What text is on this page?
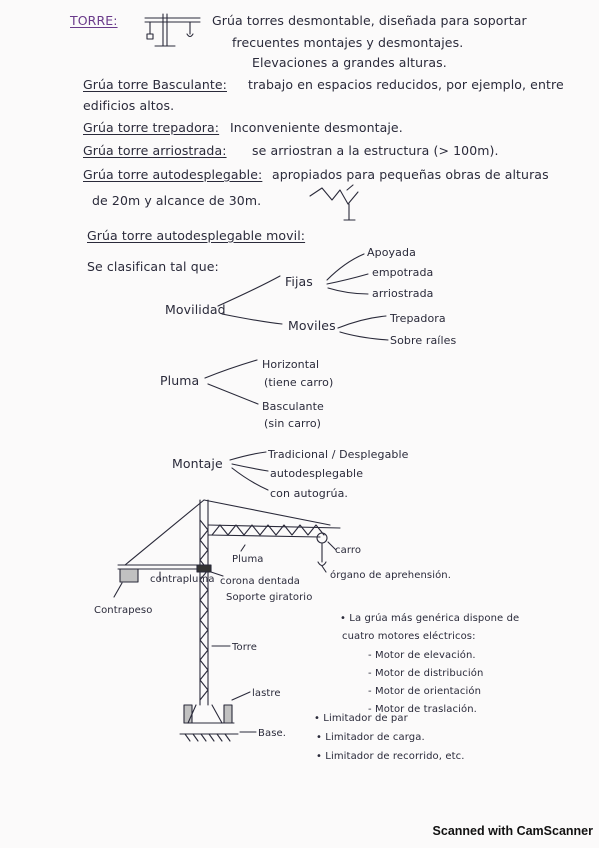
TORRE:	Grúa torres desmontable, diseñada para soportar
frecuentes montajes y desmontajes.
Elevaciones a grandes alturas.
Grúa torre Basculante: trabajo en espacios reducidos, por ejemplo, entre
edificios altos.
Grúa torre trepadora: Inconveniente desmontaje.
Grúa torre arriostrada: se arriostran a la estructura (> 100m).
Grúa torre autodesplegable: apropiados para pequeñas obras de alturas
de 20m y alcance de 30m.
Grúa torre autodesplegable movil:
Se clasifican tal que:
Movilidad
Fijas
Apoyada
empotrada
arriostrada
Moviles	Trepadora
Sobre raíles
Pluma
Horizontal
(tiene carro)
Basculante
(sin carro)
Montaje
Tradicional / Desplegable
autodesplegable
con autogrúa.
Pluma
carro
órgano de aprehensión.
contrapluma
Contrapeso
corona dentada
Soporte giratorio
Torre
lastre
Base.
• La grúa más genérica dispone de
cuatro motores eléctricos:
- Motor de elevación.
- Motor de distribución
- Motor de orientación
- Motor de traslación.
• Limitador de par
• Limitador de carga.
• Limitador de recorrido, etc.
Scanned with CamScanner
